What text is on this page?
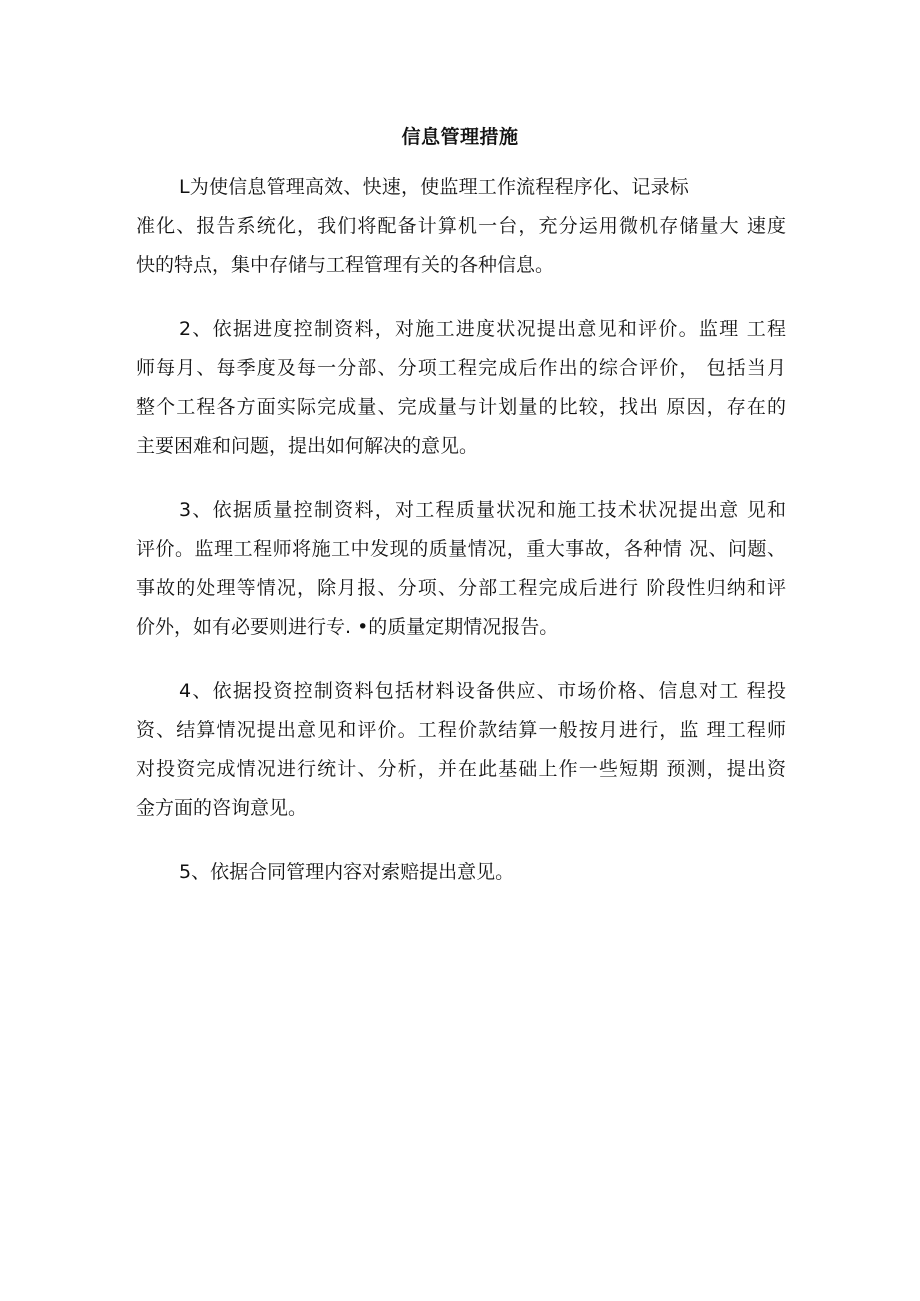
信息管理措施
L为使信息管理高效、快速，使监理工作流程程序化、记录标
准化、报告系统化，我们将配备计算机一台，充分运用微机存储量大 速度
快的特点，集中存储与工程管理有关的各种信息。
2、依据进度控制资料，对施工进度状况提出意见和评价。监理 工程
师每月、每季度及每一分部、分项工程完成后作出的综合评价， 包括当月
整个工程各方面实际完成量、完成量与计划量的比较，找出 原因，存在的
主要困难和问题，提出如何解决的意见。
3、依据质量控制资料，对工程质量状况和施工技术状况提出意 见和
评价。监理工程师将施工中发现的质量情况，重大事故，各种情 况、问题、
事故的处理等情况，除月报、分项、分部工程完成后进行 阶段性归纳和评
价外，如有必要则进行专. •的质量定期情况报告。
4、依据投资控制资料包括材料设备供应、市场价格、信息对工 程投
资、结算情况提出意见和评价。工程价款结算一般按月进行，监 理工程师
对投资完成情况进行统计、分析，并在此基础上作一些短期 预测，提出资
金方面的咨询意见。
5、依据合同管理内容对索赔提出意见。
